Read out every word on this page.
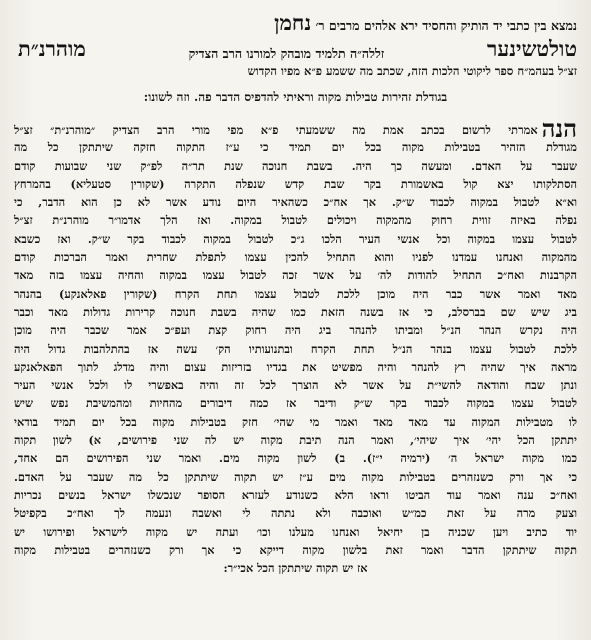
נמצא בין כתבי יד הותיק והחסיד ירא אלהים מרבים ר׳ נחמן
טולטשינער
זללה״ה תלמיד מובהק למורנו הרב הצדיק
מוהרנ״ת
זצ״ל בעהמ״ח ספר ליקוטי הלכות הזה, שכתב מה ששמע פ״א מפיו הקדוש
בגודלת זהירות טבילות מקוה וראיתי להדפיס הדבר פה. וזה לשונו:
הנהאמרתי לרשום בכתב אמת מה ששמעתי פ״א מפי מורי הרב הצדיק ״מוהרנ״ת״ זצ״ל
מגודלת הזהיר בטבילות מקוה בכל יום תמיד כי ע״ז התקוה חזקה שיתתקן כל מה
שעבר על האדם. ומעשה כך היה. בשבת חנוכה שנת תר״ה לפ״ק שני שבועות קודם
הסתלקותו יצא קול באשמורת בקר שבת קדש שנפלה התקרה (שקורין סטעליא) בהמרחץ
וא״א לטבול במקוה לכבוד ש״ק. אך אח״כ כשהאיר היום נודע אשר לא כן הוא הדבר, כי
נפלה באיזה זווית רחוק מהמקוה ויכולים לטבול במקוה. ואז הלך אדמו״ר מוהרנ״ת זצ״ל
לטבול עצמו במקוה וכל אנשי העיר הלכו ג״כ לטבול במקוה לכבוד בקר ש״ק. ואז כשבא
מהמקוה ואנחנו עמדנו לפניו והוא התחיל להכין עצמו לתפלת שחרית ואמר הברכות קודם
הקרבנות ואח״כ התחיל להודות לה׳ על אשר זכה לטבול עצמו במקוה והחיה עצמו בזה מאד
מאד ואמר אשר כבר היה מוכן ללכת לטבול עצמו תחת הקרח (שקורין פאלאנקע) בהנהר
ביג שיש שם בברסלב, כי אז בשנה הזאת כמו שהיה בשבת חנוכה קרירות גדולות מאד וכבר
היה נקרש הנהר הנ״ל ומביתו להנהר ביג היה רחוק קצת ועפ״כ אמר שכבר היה מוכן
ללכת לטבול עצמו בנהר הנ״ל תחת הקרח ובתנועותיו הק׳ עשה אז בהתלהבות גדול היה
מראה איך שהיה רץ להנהר והיה מפשיט את בגדיו בזריזות עצום והיה מדלג לתוך הפאלאנקע
ונתן שבח והודאה להשי״ת על אשר לא הוצרך לכל זה והיה באפשרי לו ולכל אנשי העיר
לטבול עצמו במקוה לכבוד בקר ש״ק ודיבר אז כמה דיבורים מהחיות ומהמשיבת נפש שיש
לו מטבילות המקוה עד מאד מאד ואמר מי שהי׳ חזק בטבילות מקוה בכל יום תמיד בודאי
יתתקן הכל יהי׳ איך שיהי׳, ואמר הנה תיבת מקוה יש לה שני פירושים, א) לשון תקוה
כמו מקוה ישראל ה׳ (ירמיה י״ז). ב) לשון מקוה מים. ואמר שני הפירושים הם אחד,
כי אך ורק כשנזהרים בטבילות מקוה מים ע״ז יש תקוה שיתתקן כל מה שעבר על האדם.
ואח״כ ענה ואמר עוד הביטו וראו הלא כשנודע לעזרא הסופר שנכשלו ישראל בנשים נכריות
וצעק מרה על זאת כמ״ש ואוכבה ולא נתתה לי ואשבה ונעמה לך ואח״כ בקפיטל
יוד כתיב ויען שכניה בן יחיאל ואנחנו מעלנו וכו׳ ועתה יש מקוה לישראל ופירושו יש
תקוה שיתתקן הדבר ואמר זאת בלשון מקוה דייקא כי אך ורק כשנזהרים בטבילות מקוה
אז יש תקוה שיתתקן הכל אכי״ר:
